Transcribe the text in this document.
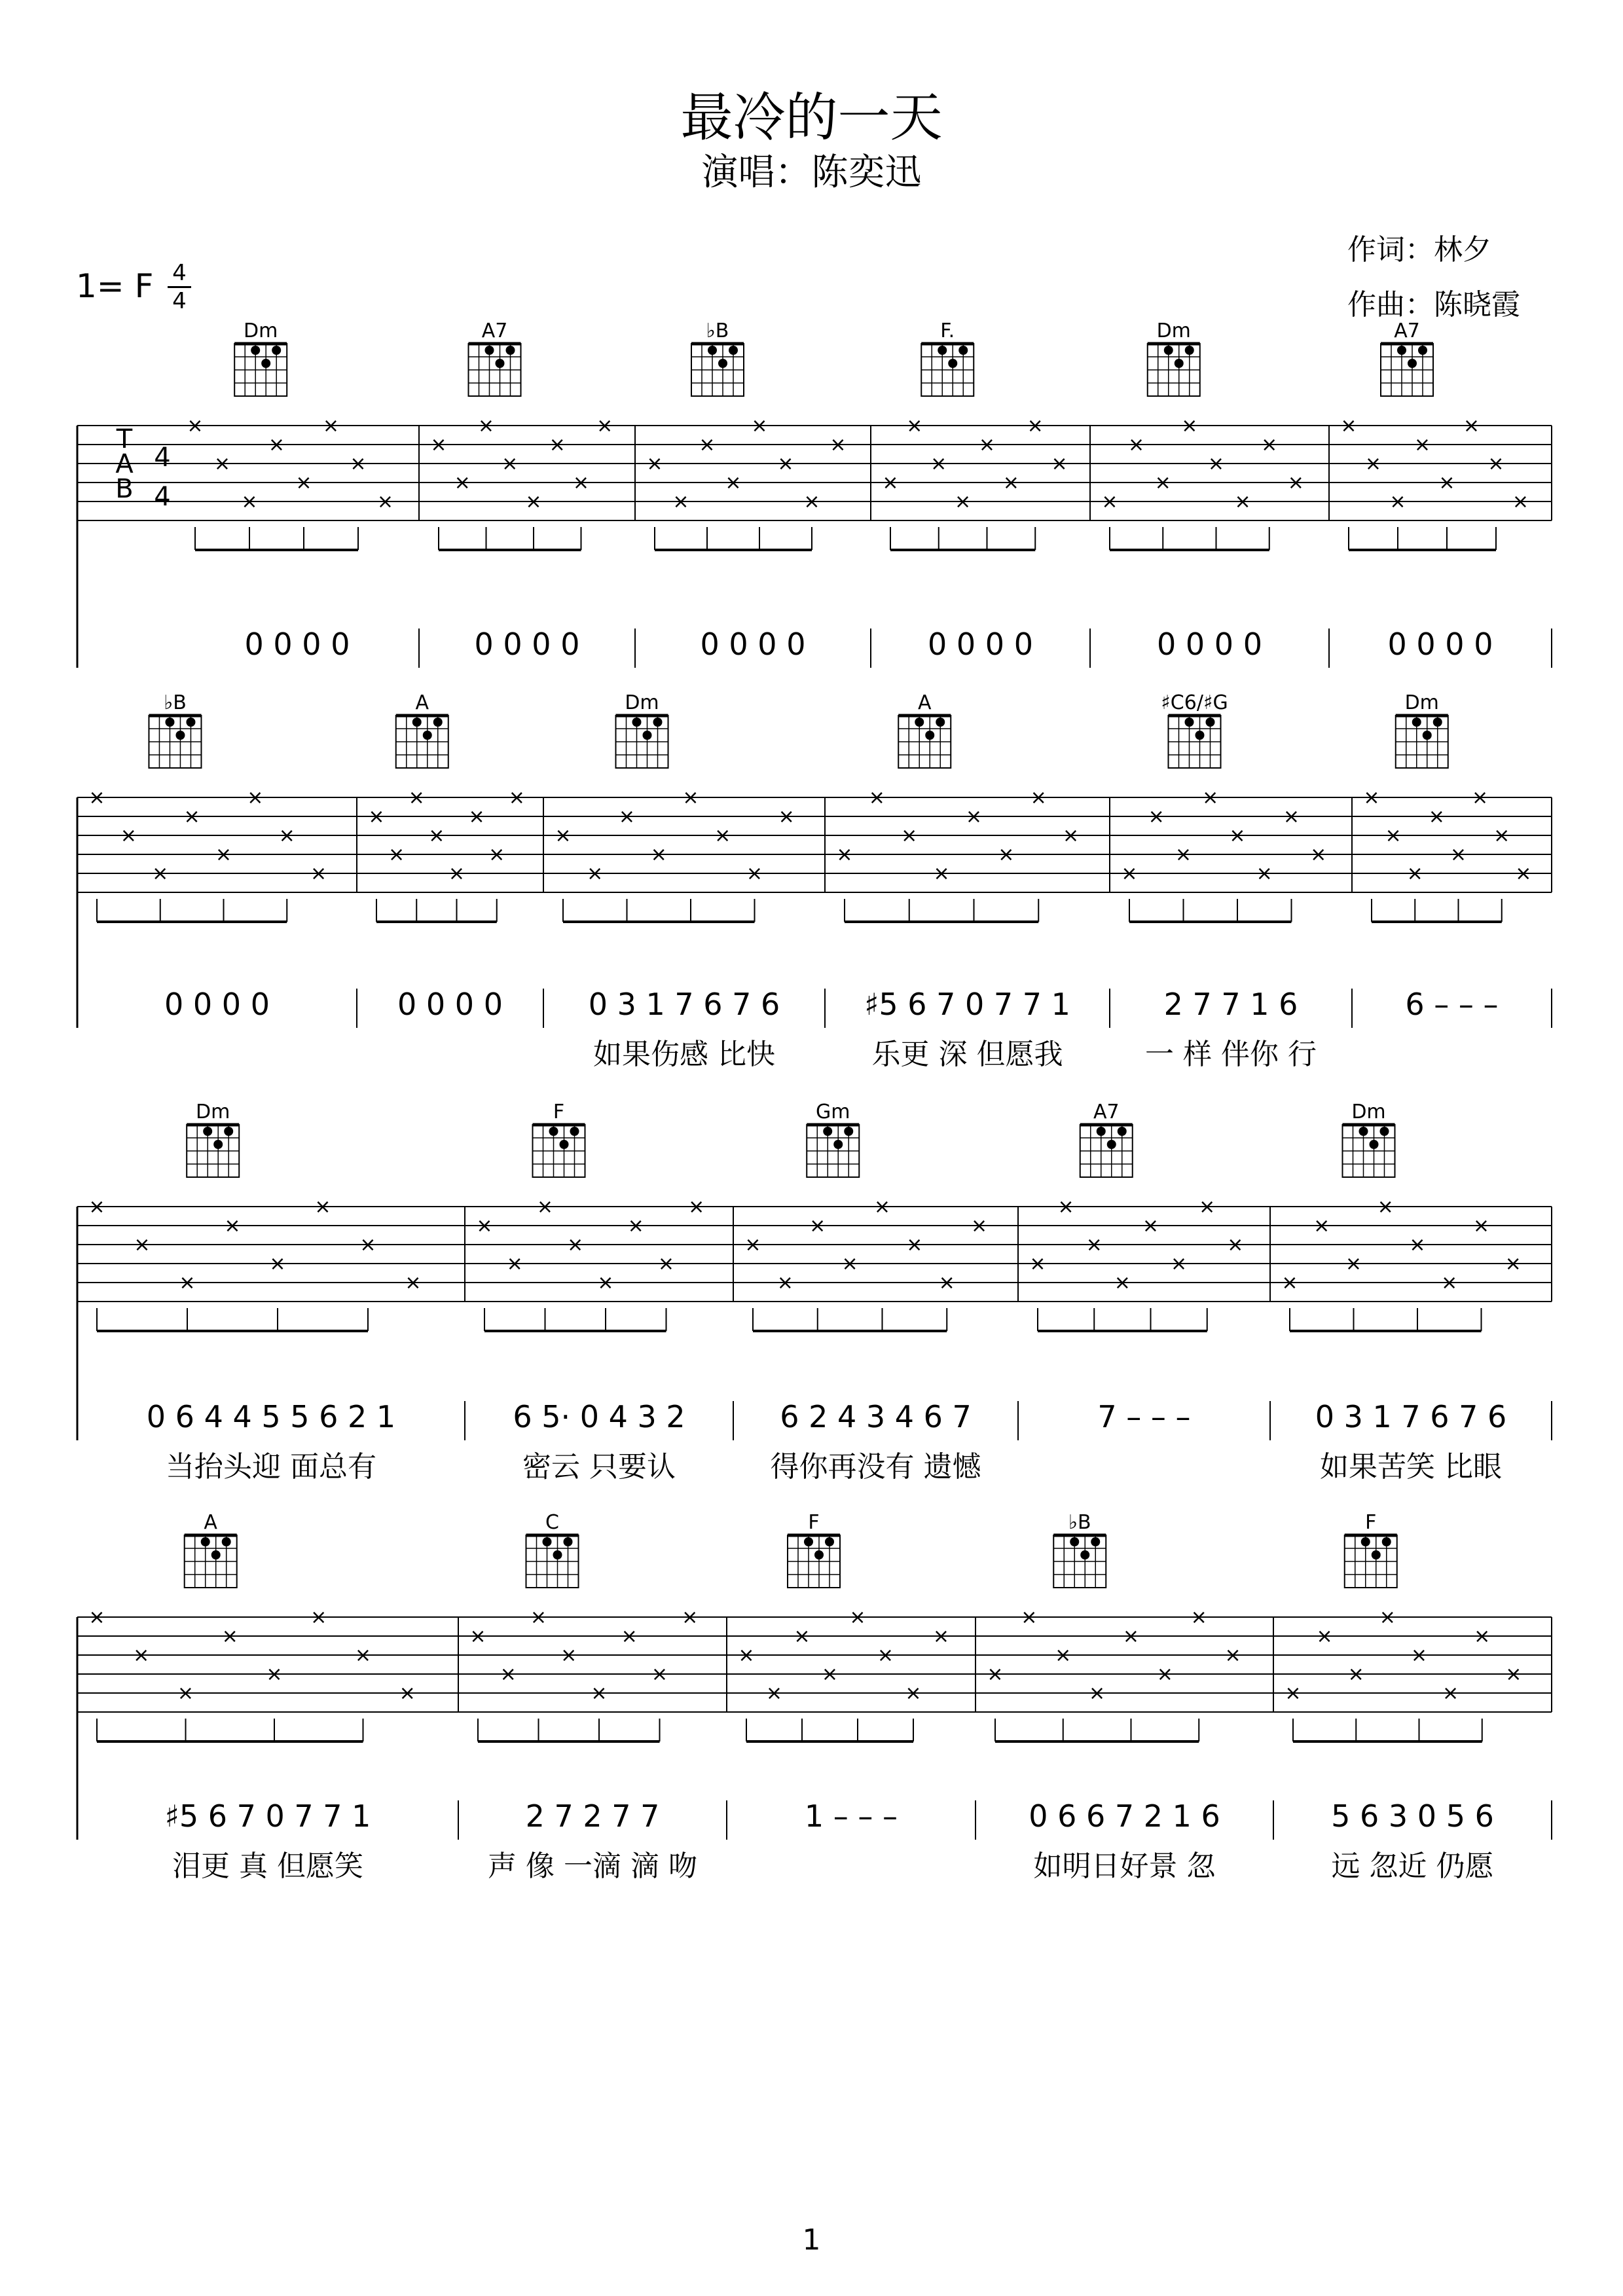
最冷的一天
演唱：陈奕迅
作词：林夕
作曲：陈晓霞
1= F 4
4
T
A
B
4
4
Dm
×
×
×
×
×
×
×
×
0 0 0 0
A7
×
×
×
×
×
×
×
×
0 0 0 0
♭B
×
×
×
×
×
×
×
×
0 0 0 0
F.
×
×
×
×
×
×
×
×
0 0 0 0
Dm
×
×
×
×
×
×
×
×
0 0 0 0
A7
×
×
×
×
×
×
×
×
0 0 0 0
♭B
×
×
×
×
×
×
×
×
0 0 0 0
A
×
×
×
×
×
×
×
×
0 0 0 0
Dm
×
×
×
×
×
×
×
×
0 3 1 7 6 7 6
如果伤感 比快
A
×
×
×
×
×
×
×
×
♯5 6 7 0 7 7 1
乐更 深 但愿我
♯C6/♯G
×
×
×
×
×
×
×
×
2 7 7 1 6
一 样 伴你 行
Dm
×
×
×
×
×
×
×
×
6 – – –
Dm
×
×
×
×
×
×
×
×
0 6 4 4 5 5 6 2 1
当抬头迎 面总有
F
×
×
×
×
×
×
×
×
6 5· 0 4 3 2
密云 只要认
Gm
×
×
×
×
×
×
×
×
6 2 4 3 4 6 7
得你再没有 遗憾
A7
×
×
×
×
×
×
×
×
7 – – –
Dm
×
×
×
×
×
×
×
×
0 3 1 7 6 7 6
如果苦笑 比眼
A
×
×
×
×
×
×
×
×
♯5 6 7 0 7 7 1
泪更 真 但愿笑
C
×
×
×
×
×
×
×
×
2 7 2 7 7
声 像 一滴 滴 吻
F
×
×
×
×
×
×
×
×
1 – – –
♭B
×
×
×
×
×
×
×
×
0 6 6 7 2 1 6
如明日好景 忽
F
×
×
×
×
×
×
×
×
5 6 3 0 5 6
远 忽近 仍愿
1
